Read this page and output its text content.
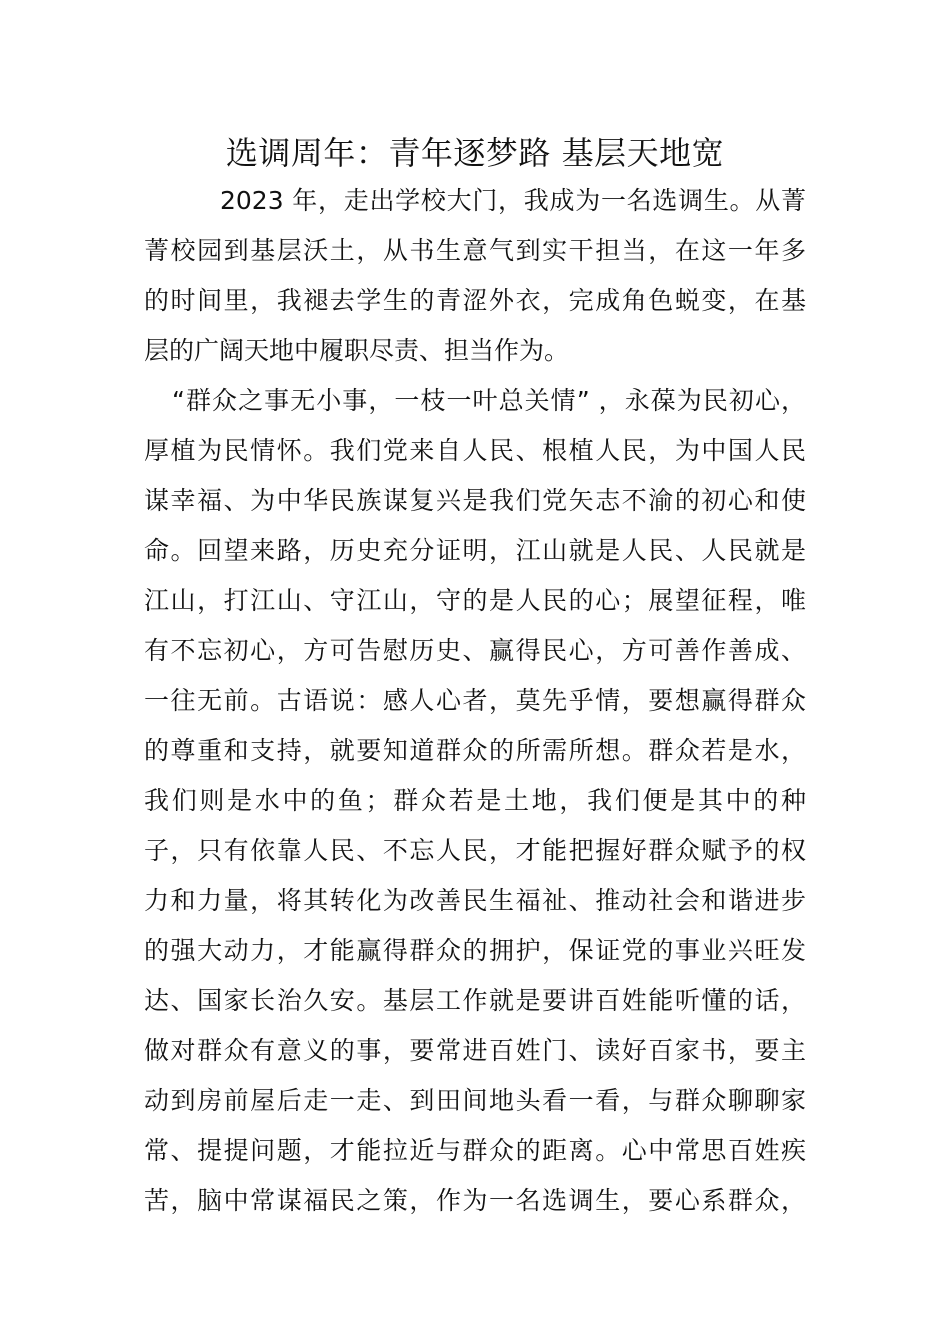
选调周年：青年逐梦路 基层天地宽
2023 年，走出学校大门，我成为一名选调生。从菁
菁校园到基层沃土，从书生意气到实干担当，在这一年多
的时间里，我褪去学生的青涩外衣，完成角色蜕变，在基
层的广阔天地中履职尽责、担当作为。
“群众之事无小事，一枝一叶总关情” ，永葆为民初心，
厚植为民情怀。我们党来自人民、根植人民，为中国人民
谋幸福、为中华民族谋复兴是我们党矢志不渝的初心和使
命。回望来路，历史充分证明，江山就是人民、人民就是
江山，打江山、守江山，守的是人民的心；展望征程，唯
有不忘初心，方可告慰历史、赢得民心，方可善作善成、
一往无前。古语说：感人心者，莫先乎情，要想赢得群众
的尊重和支持，就要知道群众的所需所想。群众若是水，
我们则是水中的鱼；群众若是土地，我们便是其中的种
子，只有依靠人民、不忘人民，才能把握好群众赋予的权
力和力量，将其转化为改善民生福祉、推动社会和谐进步
的强大动力，才能赢得群众的拥护，保证党的事业兴旺发
达、国家长治久安。基层工作就是要讲百姓能听懂的话，
做对群众有意义的事，要常进百姓门、读好百家书，要主
动到房前屋后走一走、到田间地头看一看，与群众聊聊家
常、提提问题，才能拉近与群众的距离。心中常思百姓疾
苦，脑中常谋福民之策，作为一名选调生，要心系群众，
